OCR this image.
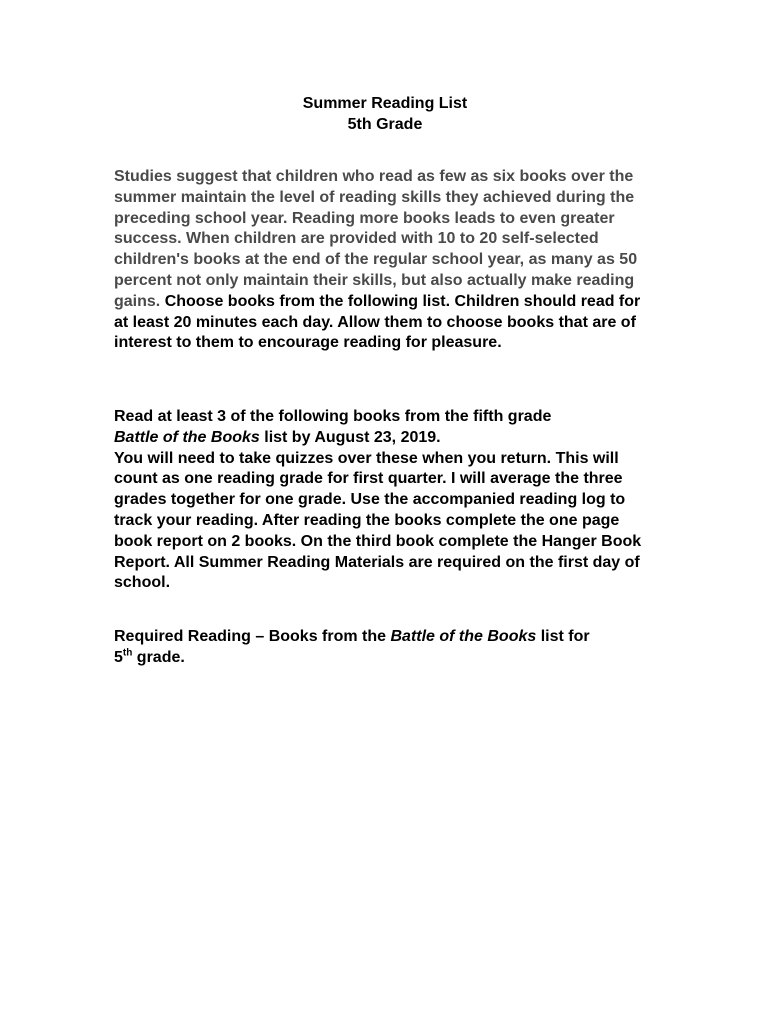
Summer Reading List
5th Grade
Studies suggest that children who read as few as six books over the summer maintain the level of reading skills they achieved during the preceding school year. Reading more books leads to even greater success. When children are provided with 10 to 20 self-selected children's books at the end of the regular school year, as many as 50 percent not only maintain their skills, but also actually make reading gains. Choose books from the following list. Children should read for at least 20 minutes each day. Allow them to choose books that are of interest to them to encourage reading for pleasure.
Read at least 3 of the following books from the fifth grade
Battle of the Books list by August 23, 2019.
You will need to take quizzes over these when you return. This will count as one reading grade for first quarter. I will average the three grades together for one grade. Use the accompanied reading log to track your reading. After reading the books complete the one page book report on 2 books. On the third book complete the Hanger Book Report. All Summer Reading Materials are required on the first day of school.
Required Reading – Books from the Battle of the Books list for
5th grade.
